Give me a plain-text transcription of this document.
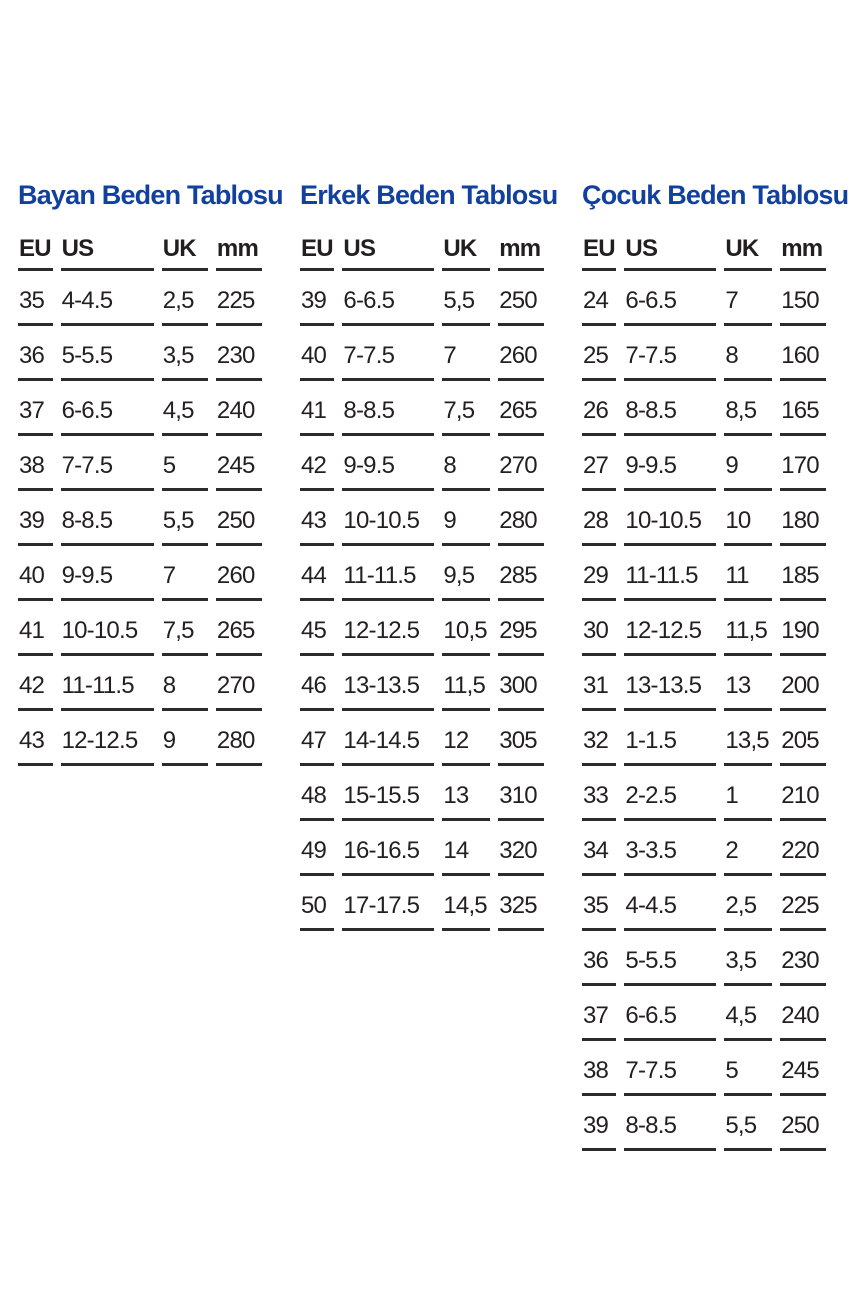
Bayan Beden Tablosu
EU	US	UK	mm
35	4-4.5	2,5	225
36	5-5.5	3,5	230
37	6-6.5	4,5	240
38	7-7.5	5	245
39	8-8.5	5,5	250
40	9-9.5	7	260
41	10-10.5	7,5	265
42	11-11.5	8	270
43	12-12.5	9	280
Erkek Beden Tablosu
EU	US	UK	mm
39	6-6.5	5,5	250
40	7-7.5	7	260
41	8-8.5	7,5	265
42	9-9.5	8	270
43	10-10.5	9	280
44	11-11.5	9,5	285
45	12-12.5	10,5	295
46	13-13.5	11,5	300
47	14-14.5	12	305
48	15-15.5	13	310
49	16-16.5	14	320
50	17-17.5	14,5	325
Çocuk Beden Tablosu
EU	US	UK	mm
24	6-6.5	7	150
25	7-7.5	8	160
26	8-8.5	8,5	165
27	9-9.5	9	170
28	10-10.5	10	180
29	11-11.5	11	185
30	12-12.5	11,5	190
31	13-13.5	13	200
32	1-1.5	13,5	205
33	2-2.5	1	210
34	3-3.5	2	220
35	4-4.5	2,5	225
36	5-5.5	3,5	230
37	6-6.5	4,5	240
38	7-7.5	5	245
39	8-8.5	5,5	250
